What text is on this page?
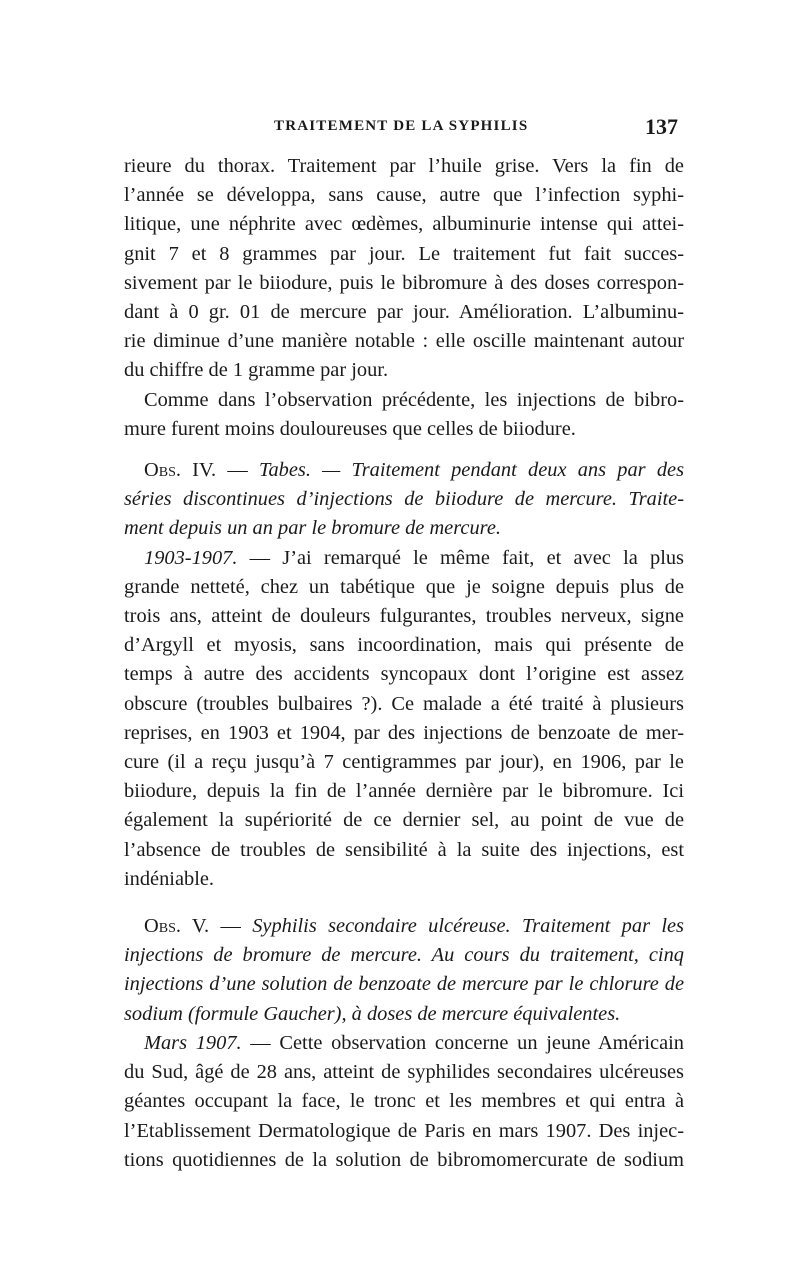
TRAITEMENT DE LA SYPHILIS	137

rieure du thorax. Traitement par l’huile grise. Vers la fin de
l’année se développa, sans cause, autre que l’infection syphi-
litique, une néphrite avec œdèmes, albuminurie intense qui attei-
gnit 7 et 8 grammes par jour. Le traitement fut fait succes-
sivement par le biiodure, puis le bibromure à des doses correspon-
dant à 0 gr. 01 de mercure par jour. Amélioration. L’albuminu-
rie diminue d’une manière notable : elle oscille maintenant autour
du chiffre de 1 gramme par jour.

Comme dans l’observation précédente, les injections de bibro-
mure furent moins douloureuses que celles de biiodure.

Obs. IV. — Tabes. — Traitement pendant deux ans par des
séries discontinues d’injections de biiodure de mercure. Traite-
ment depuis un an par le bromure de mercure.

1903-1907. — J’ai remarqué le même fait, et avec la plus
grande netteté, chez un tabétique que je soigne depuis plus de
trois ans, atteint de douleurs fulgurantes, troubles nerveux, signe
d’Argyll et myosis, sans incoordination, mais qui présente de
temps à autre des accidents syncopaux dont l’origine est assez
obscure (troubles bulbaires ?). Ce malade a été traité à plusieurs
reprises, en 1903 et 1904, par des injections de benzoate de mer-
cure (il a reçu jusqu’à 7 centigrammes par jour), en 1906, par le
biiodure, depuis la fin de l’année dernière par le bibromure. Ici
également la supériorité de ce dernier sel, au point de vue de
l’absence de troubles de sensibilité à la suite des injections, est
indéniable.

Obs. V. — Syphilis secondaire ulcéreuse. Traitement par les
injections de bromure de mercure. Au cours du traitement, cinq
injections d’une solution de benzoate de mercure par le chlorure de
sodium (formule Gaucher), à doses de mercure équivalentes.

Mars 1907. — Cette observation concerne un jeune Américain
du Sud, âgé de 28 ans, atteint de syphilides secondaires ulcéreuses
géantes occupant la face, le tronc et les membres et qui entra à
l’Etablissement Dermatologique de Paris en mars 1907. Des injec-
tions quotidiennes de la solution de bibromomercurate de sodium
